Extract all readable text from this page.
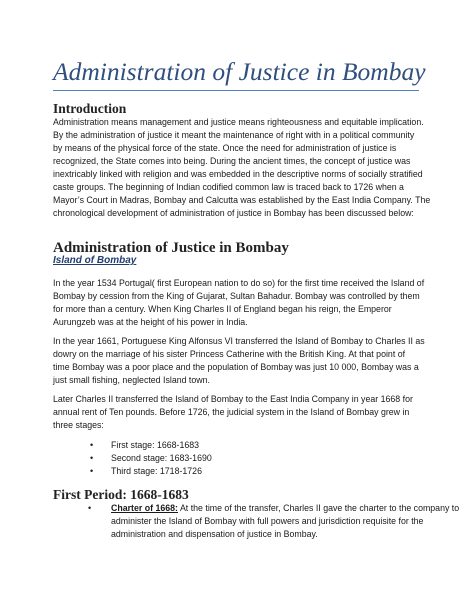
Administration of Justice in Bombay
Introduction
Administration means management and justice means righteousness and equitable implication.
By the administration of justice it meant the maintenance of right with in a political community
by means of the physical force of the state. Once the need for administration of justice is
recognized, the State comes into being. During the ancient times, the concept of justice was
inextricably linked with religion and was embedded in the descriptive norms of socially stratified
caste groups. The beginning of Indian codified common law is traced back to 1726 when a
Mayor’s Court in Madras, Bombay and Calcutta was established by the East India Company. The
chronological development of administration of justice in Bombay has been discussed below:
Administration of Justice in Bombay
Island of Bombay
In the year 1534 Portugal( first European nation to do so) for the first time received the Island of
Bombay by cession from the King of Gujarat, Sultan Bahadur. Bombay was controlled by them
for more than a century. When King Charles II of England began his reign, the Emperor
Aurungzeb was at the height of his power in India.
In the year 1661, Portuguese King Alfonsus VI transferred the Island of Bombay to Charles II as
dowry on the marriage of his sister Princess Catherine with the British King. At that point of
time Bombay was a poor place and the population of Bombay was just 10 000, Bombay was a
just small fishing, neglected Island town.
Later Charles II transferred the Island of Bombay to the East India Company in year 1668 for
annual rent of Ten pounds. Before 1726, the judicial system in the Island of Bombay grew in
three stages:
• First stage: 1668-1683
• Second stage: 1683-1690
• Third stage: 1718-1726
First Period: 1668-1683
• Charter of 1668: At the time of the transfer, Charles II gave the charter to the company to
administer the Island of Bombay with full powers and jurisdiction requisite for the
administration and dispensation of justice in Bombay.
